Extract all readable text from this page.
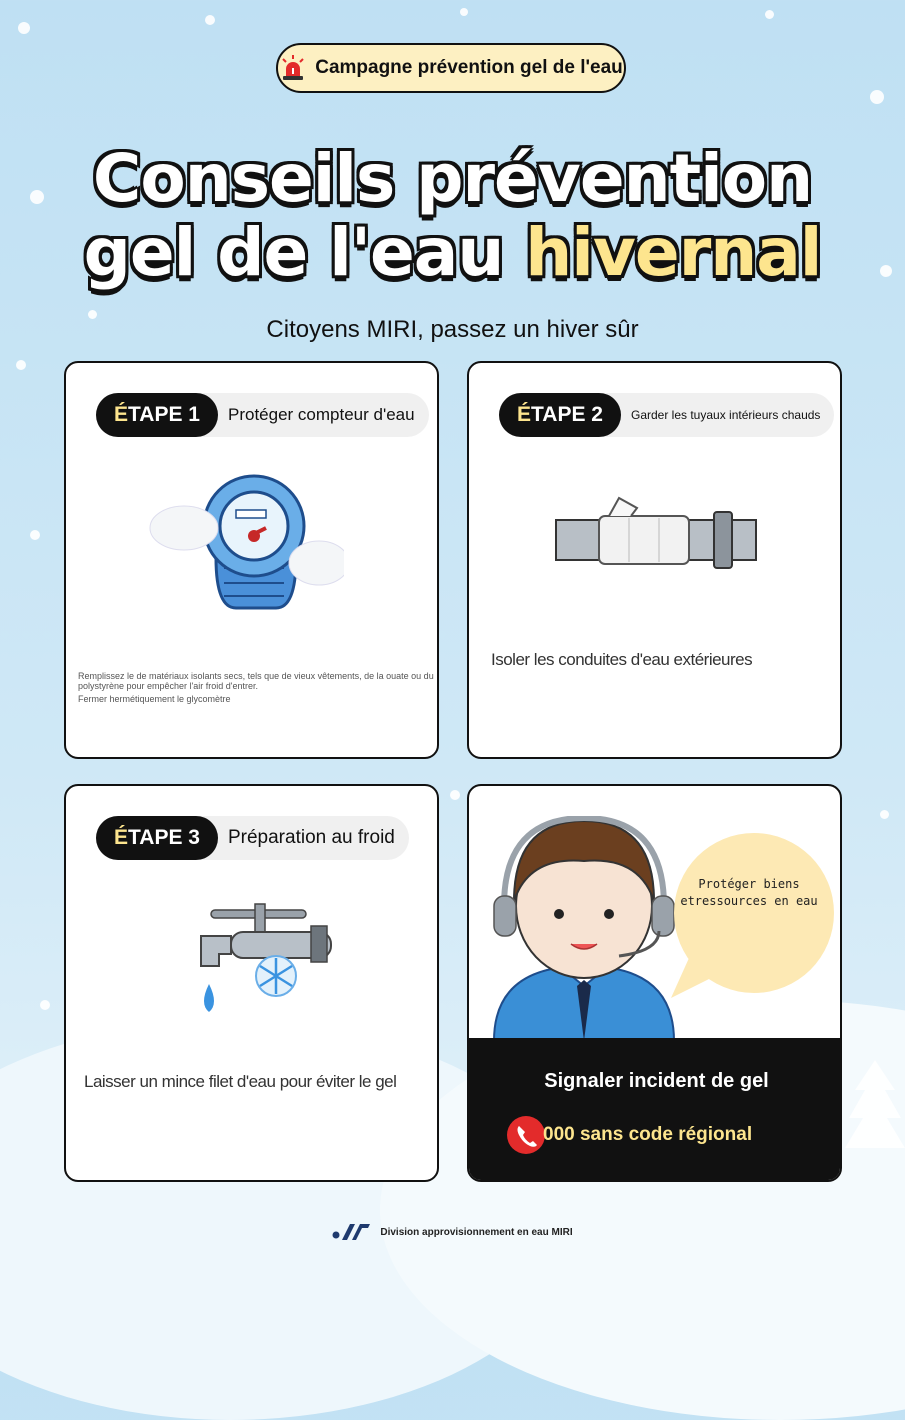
Campagne prévention gel de l'eau
Conseils prévention
gel de l'eau hivernal
Citoyens MIRI, passez un hiver sûr
É TAPE 1 Protéger compteur d'eau
Remplissez le de matériaux isolants secs, tels que de vieux vêtements, de la ouate ou du polystyrène pour empêcher l'air froid d'entrer.
Fermer hermétiquement le glycomètre
É TAPE 2 Garder les tuyaux intérieurs chauds
Isoler les conduites d'eau extérieures
É TAPE 3 Préparation au froid
Laisser un mince filet d'eau pour éviter le gel
Protéger biens etressources en eau
Signaler incident de gel
000 sans code régional
Division approvisionnement en eau MIRI
